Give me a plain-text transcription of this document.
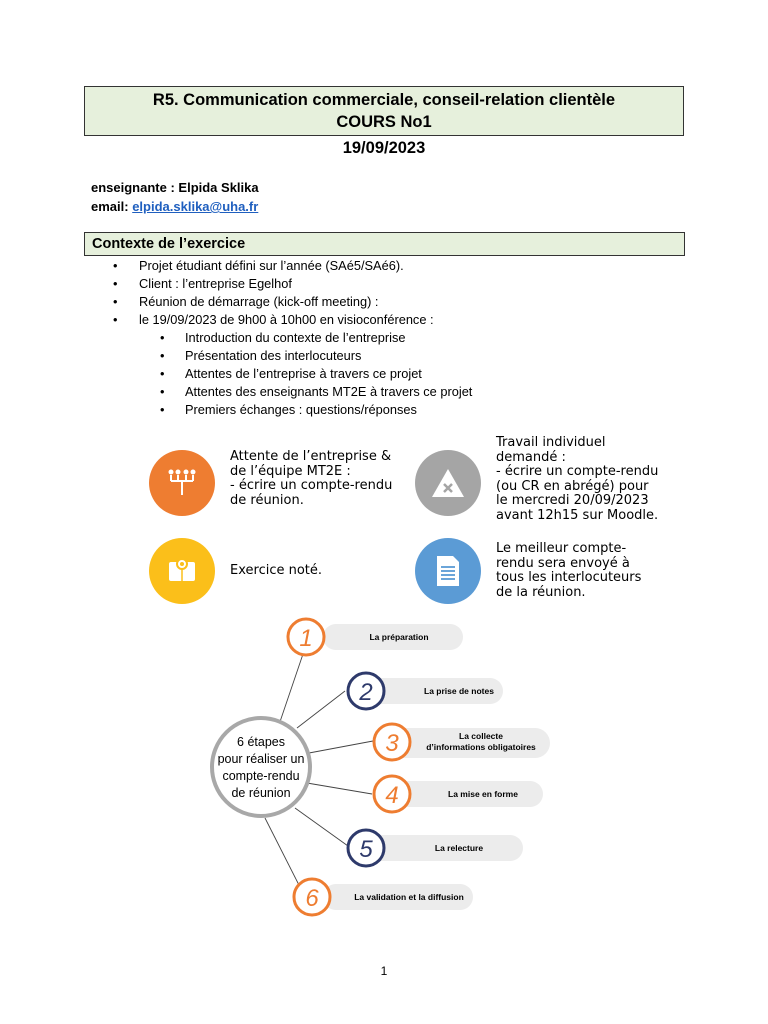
R5. Communication commerciale, conseil-relation clientèle
COURS No1
19/09/2023
enseignante : Elpida Sklika
email: elpida.sklika@uha.fr
Contexte de l’exercice
• Projet étudiant défini sur l’année (SAé5/SAé6).
• Client : l’entreprise Egelhof
• Réunion de démarrage (kick-off meeting) :
• le 19/09/2023 de 9h00 à 10h00 en visioconférence :
• Introduction du contexte de l’entreprise
• Présentation des interlocuteurs
• Attentes de l’entreprise à travers ce projet
• Attentes des enseignants MT2E à travers ce projet
• Premiers échanges : questions/réponses
Attente de l’entreprise &
de l’équipe MT2E :
- écrire un compte-rendu
de réunion.
Travail individuel
demandé :
- écrire un compte-rendu
(ou CR en abrégé) pour
le mercredi 20/09/2023
avant 12h15 sur Moodle.
Exercice noté.
Le meilleur compte-
rendu sera envoyé à
tous les interlocuteurs
de la réunion.
6 étapes
pour réaliser un
compte-rendu
de réunion
1	La préparation
2	La prise de notes
3	La collecte
d’informations obligatoires
4	La mise en forme
5	La relecture
6	La validation et la diffusion
1
